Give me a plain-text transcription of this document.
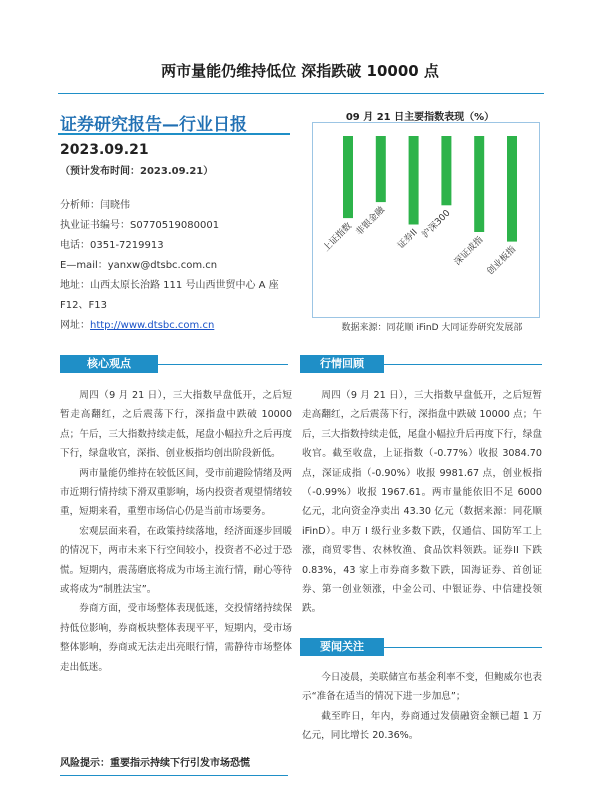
两市量能仍维持低位 深指跌破 10000 点
证券研究报告—行业日报
2023.09.21
（预计发布时间：2023.09.21）
分析师：闫晓伟
执业证书编号：S0770519080001
电话：0351-7219913
E—mail：yanxw@dtsbc.com.cn
地址：山西太原长治路 111 号山西世贸中心 A 座
F12、F13
网址：http://www.dtsbc.com.cn
09 月 21 日主要指数表现（%）
上证指数 非银金融
证券II 沪深300
深证成指 创业板指
数据来源：同花顺 iFinD 大同证券研究发展部
核心观点

周四（9 月 21 日），三大指数早盘低开，之后短暂走高翻红，之后震荡下行，深指盘中跌破 10000 点；午后，三大指数持续走低，尾盘小幅拉升之后再度下行，绿盘收官，深指、创业板指均创出阶段新低。

两市量能仍维持在较低区间，受市前避险情绪及两市近期行情持续下滑双重影响，场内投资者观望情绪较重，短期来看，重塑市场信心仍是当前市场要务。

宏观层面来看，在政策持续落地，经济面逐步回暖的情况下，两市未来下行空间较小，投资者不必过于恐慌。短期内，震荡磨底将成为市场主流行情，耐心等待或将成为“制胜法宝”。

券商方面，受市场整体表现低迷，交投情绪持续保持低位影响，券商板块整体表现平平，短期内，受市场整体影响，券商或无法走出亮眼行情，需静待市场整体走出低迷。

风险提示：重要指示持续下行引发市场恐慌
行情回顾

周四（9 月 21 日），三大指数早盘低开，之后短暂走高翻红，之后震荡下行，深指盘中跌破 10000 点；午后，三大指数持续走低，尾盘小幅拉升后再度下行，绿盘收官。截至收盘，上证指数（-0.77%）收报 3084.70 点，深证成指（-0.90%）收报 9981.67 点，创业板指（-0.99%）收报 1967.61。两市量能依旧不足 6000 亿元，北向资金净卖出 43.30 亿元（数据来源：同花顺 iFinD）。申万 I 级行业多数下跌，仅通信、国防军工上涨，商贸零售、农林牧渔、食品饮料领跌。证券II 下跌 0.83%，43 家上市券商多数下跌，国海证券、首创证券、第一创业领涨，中金公司、中银证券、中信建投领跌。

要闻关注

今日凌晨，美联储宣布基金利率不变，但鲍威尔也表示“准备在适当的情况下进一步加息”；

截至昨日，年内，券商通过发债融资金额已超 1 万亿元，同比增长 20.36%。
